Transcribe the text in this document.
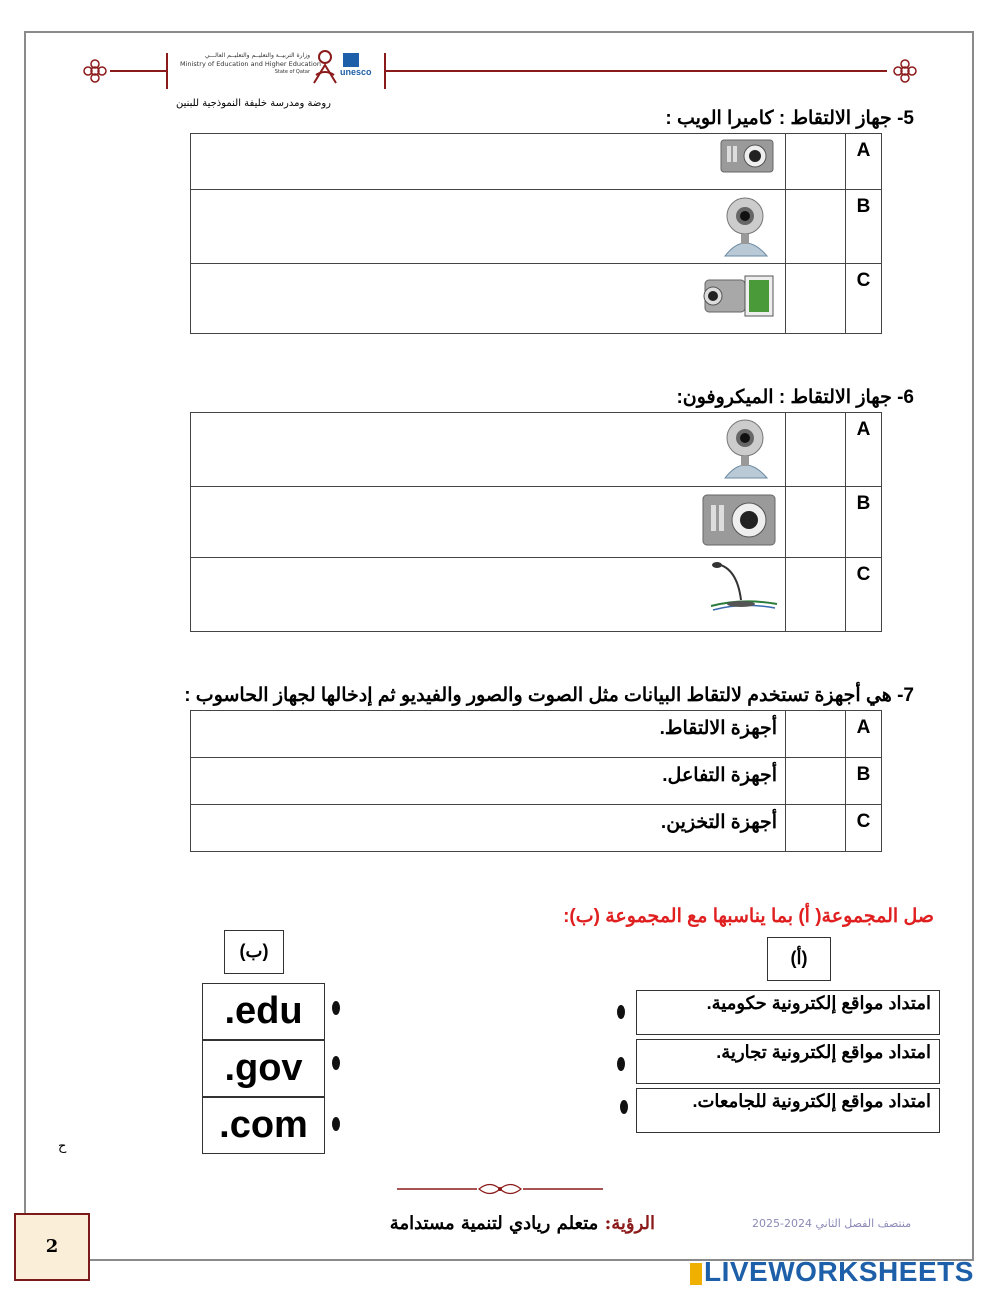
وزارة التربيــة والتعليــم والتعليــم العالـــي
Ministry of Education and Higher Education
State of Qatar	unesco
روضة ومدرسة خليفة النموذجية للبنين
5- جهاز الالتقاط : كاميرا الويب :
		A

		B

		C
6- جهاز الالتقاط : الميكروفون:
		A

		B

		C
7- هي أجهزة تستخدم لالتقاط البيانات مثل الصوت والصور والفيديو ثم إدخالها لجهاز الحاسوب :
أجهزة الالتقاط.		A
أجهزة التفاعل.		B
أجهزة التخزين.		C
صل المجموعة( أ) بما يناسبها مع المجموعة (ب):
(ب)	(أ)
.edu
.gov
.com
امتداد مواقع إلكترونية حكومية.
امتداد مواقع إلكترونية تجارية.
امتداد مواقع إلكترونية للجامعات.
ح
الرؤية: متعلم ريادي لتنمية مستدامة	منتصف الفصل الثاني 2024-2025
2
LIVEWORKSHEETS
